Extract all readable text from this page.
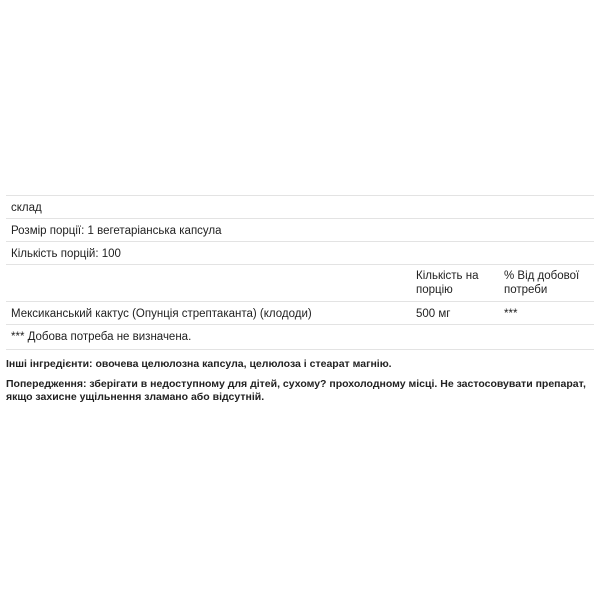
склад
Розмір порції: 1 вегетаріанська капсула
Кількість порцій: 100
Кількість на порцію
% Від добової потреби
Мексиканський кактус (Опунція стрептаканта) (клододи)	500 мг	***
*** Добова потреба не визначена.
Інші інгредієнти: овочева целюлозна капсула, целюлоза і стеарат магнію.
Попередження: зберігати в недоступному для дітей, сухому? прохолодному місці. Не застосовувати препарат, якщо захисне ущільнення зламано або відсутній.
